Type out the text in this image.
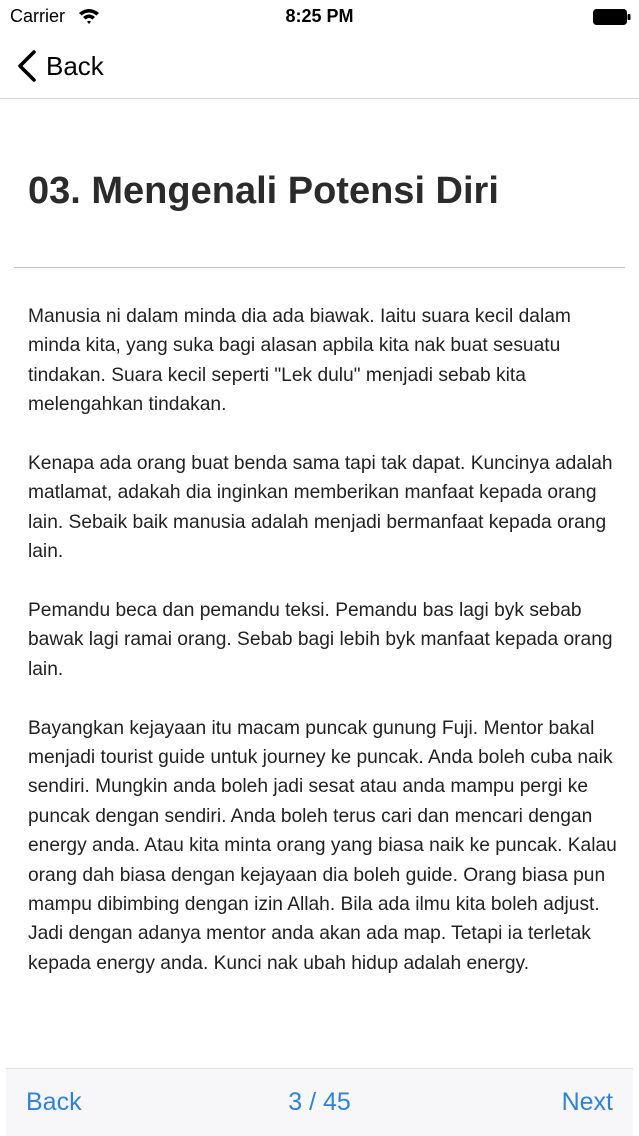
Carrier	8:25 PM
Back
03. Mengenali Potensi Diri

Manusia ni dalam minda dia ada biawak. Iaitu suara kecil dalam minda kita, yang suka bagi alasan apbila kita nak buat sesuatu tindakan. Suara kecil seperti "Lek dulu" menjadi sebab kita melengahkan tindakan.

Kenapa ada orang buat benda sama tapi tak dapat. Kuncinya adalah matlamat, adakah dia inginkan memberikan manfaat kepada orang lain. Sebaik baik manusia adalah menjadi bermanfaat kepada orang lain.

Pemandu beca dan pemandu teksi. Pemandu bas lagi byk sebab bawak lagi ramai orang. Sebab bagi lebih byk manfaat kepada orang lain.

Bayangkan kejayaan itu macam puncak gunung Fuji. Mentor bakal menjadi tourist guide untuk journey ke puncak. Anda boleh cuba naik sendiri. Mungkin anda boleh jadi sesat atau anda mampu pergi ke puncak dengan sendiri. Anda boleh terus cari dan mencari dengan energy anda. Atau kita minta orang yang biasa naik ke puncak. Kalau orang dah biasa dengan kejayaan dia boleh guide. Orang biasa pun mampu dibimbing dengan izin Allah. Bila ada ilmu kita boleh adjust. Jadi dengan adanya mentor anda akan ada map. Tetapi ia terletak kepada energy anda. Kunci nak ubah hidup adalah energy.

3 / 45
Back	Next
